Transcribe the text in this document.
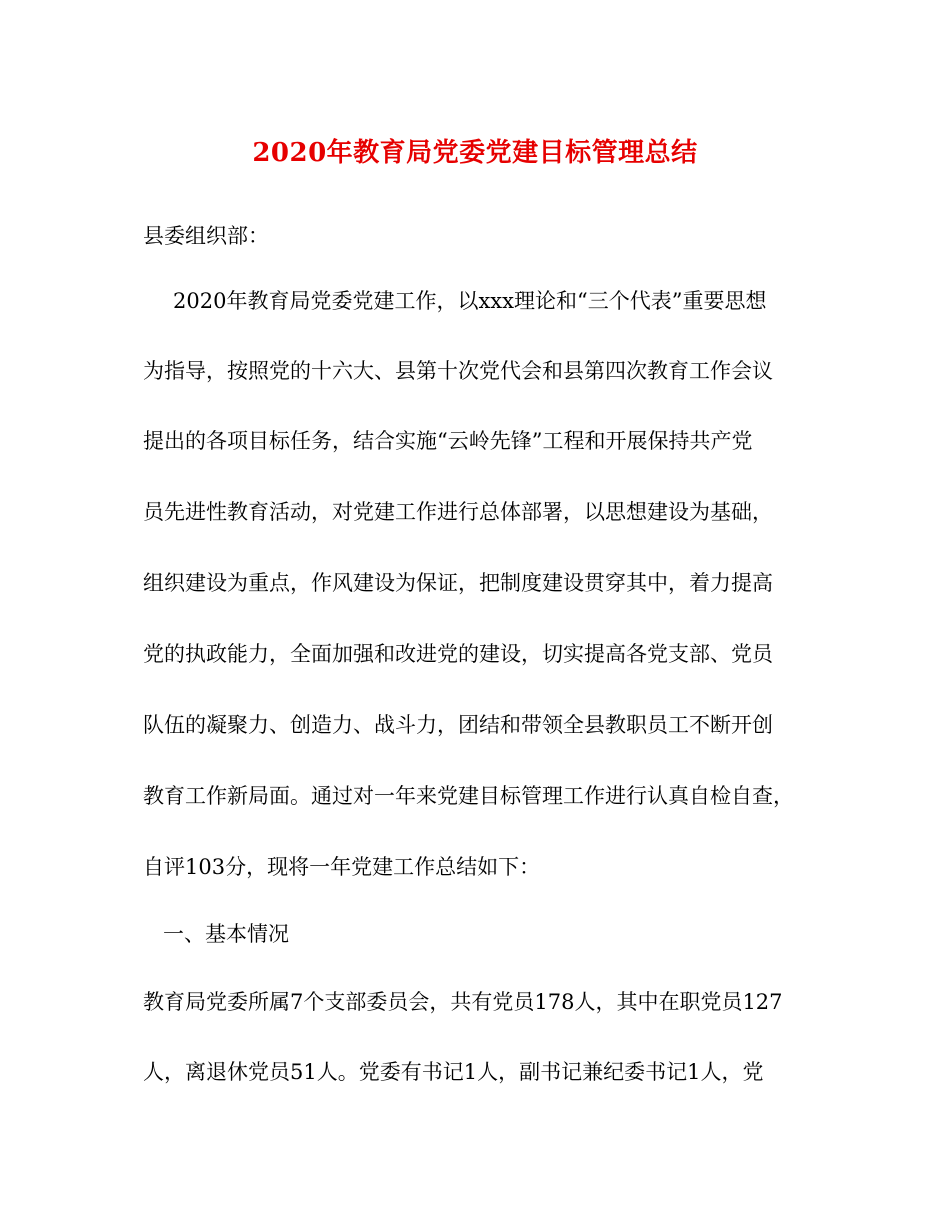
2020年教育局党委党建目标管理总结
县委组织部：
2020年教育局党委党建工作，以xxx理论和“三个代表”重要思想
为指导，按照党的十六大、县第十次党代会和县第四次教育工作会议
提出的各项目标任务，结合实施“云岭先锋”工程和开展保持共产党
员先进性教育活动，对党建工作进行总体部署，以思想建设为基础，
组织建设为重点，作风建设为保证，把制度建设贯穿其中，着力提高
党的执政能力，全面加强和改进党的建设，切实提高各党支部、党员
队伍的凝聚力、创造力、战斗力，团结和带领全县教职员工不断开创
教育工作新局面。通过对一年来党建目标管理工作进行认真自检自查，
自评103分，现将一年党建工作总结如下：
一、基本情况
教育局党委所属7个支部委员会，共有党员178人，其中在职党员127
人，离退休党员51人。党委有书记1人，副书记兼纪委书记1人，党
